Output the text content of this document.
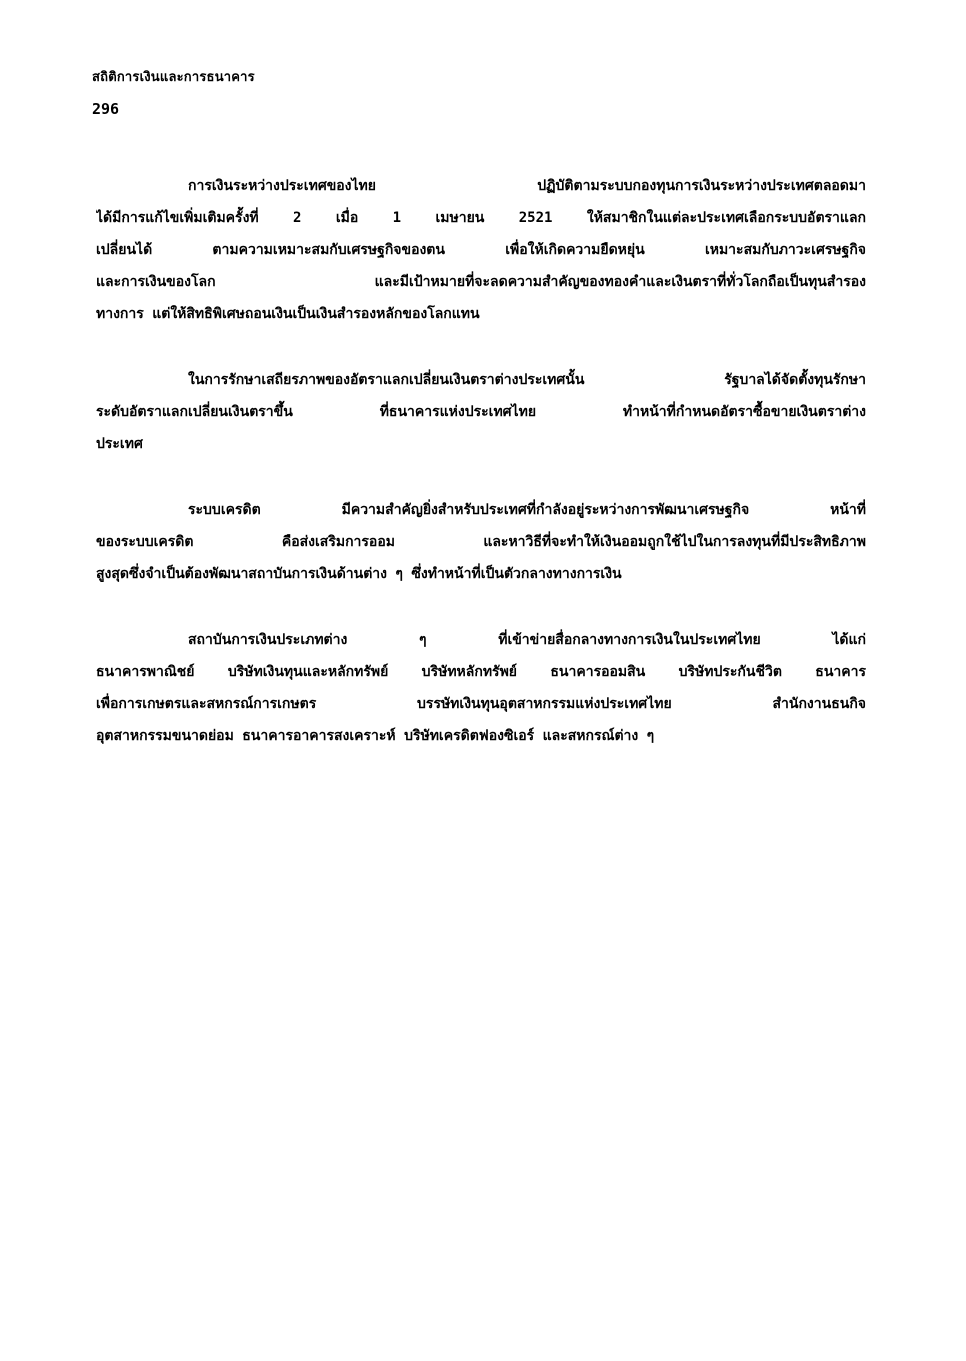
สถิติการเงินและการธนาคาร
296
การเงินระหว่างประเทศของไทย ปฏิบัติตามระบบกองทุนการเงินระหว่างประเทศตลอดมา
ได้มีการแก้ไขเพิ่มเติมครั้งที่ 2 เมื่อ 1 เมษายน 2521 ให้สมาชิกในแต่ละประเทศเลือกระบบอัตราแลก
เปลี่ยนได้ ตามความเหมาะสมกับเศรษฐกิจของตน เพื่อให้เกิดความยืดหยุ่น เหมาะสมกับภาวะเศรษฐกิจ
และการเงินของโลก และมีเป้าหมายที่จะลดความสำคัญของทองคำและเงินตราที่ทั่วโลกถือเป็นทุนสำรอง
ทางการ แต่ให้สิทธิพิเศษถอนเงินเป็นเงินสำรองหลักของโลกแทน
ในการรักษาเสถียรภาพของอัตราแลกเปลี่ยนเงินตราต่างประเทศนั้น รัฐบาลได้จัดตั้งทุนรักษา
ระดับอัตราแลกเปลี่ยนเงินตราขึ้น ที่ธนาคารแห่งประเทศไทย ทำหน้าที่กำหนดอัตราซื้อขายเงินตราต่าง
ประเทศ
ระบบเครดิต มีความสำคัญยิ่งสำหรับประเทศที่กำลังอยู่ระหว่างการพัฒนาเศรษฐกิจ หน้าที่
ของระบบเครดิต คือส่งเสริมการออม และหาวิธีที่จะทำให้เงินออมถูกใช้ไปในการลงทุนที่มีประสิทธิภาพ
สูงสุดซึ่งจำเป็นต้องพัฒนาสถาบันการเงินด้านต่าง ๆ ซึ่งทำหน้าที่เป็นตัวกลางทางการเงิน
สถาบันการเงินประเภทต่าง ๆ ที่เข้าข่ายสื่อกลางทางการเงินในประเทศไทย ได้แก่
ธนาคารพาณิชย์ บริษัทเงินทุนและหลักทรัพย์ บริษัทหลักทรัพย์ ธนาคารออมสิน บริษัทประกันชีวิต ธนาคาร
เพื่อการเกษตรและสหกรณ์การเกษตร บรรษัทเงินทุนอุตสาหกรรมแห่งประเทศไทย สำนักงานธนกิจ
อุตสาหกรรมขนาดย่อม ธนาคารอาคารสงเคราะห์ บริษัทเครดิตฟองซิเอร์ และสหกรณ์ต่าง ๆ
